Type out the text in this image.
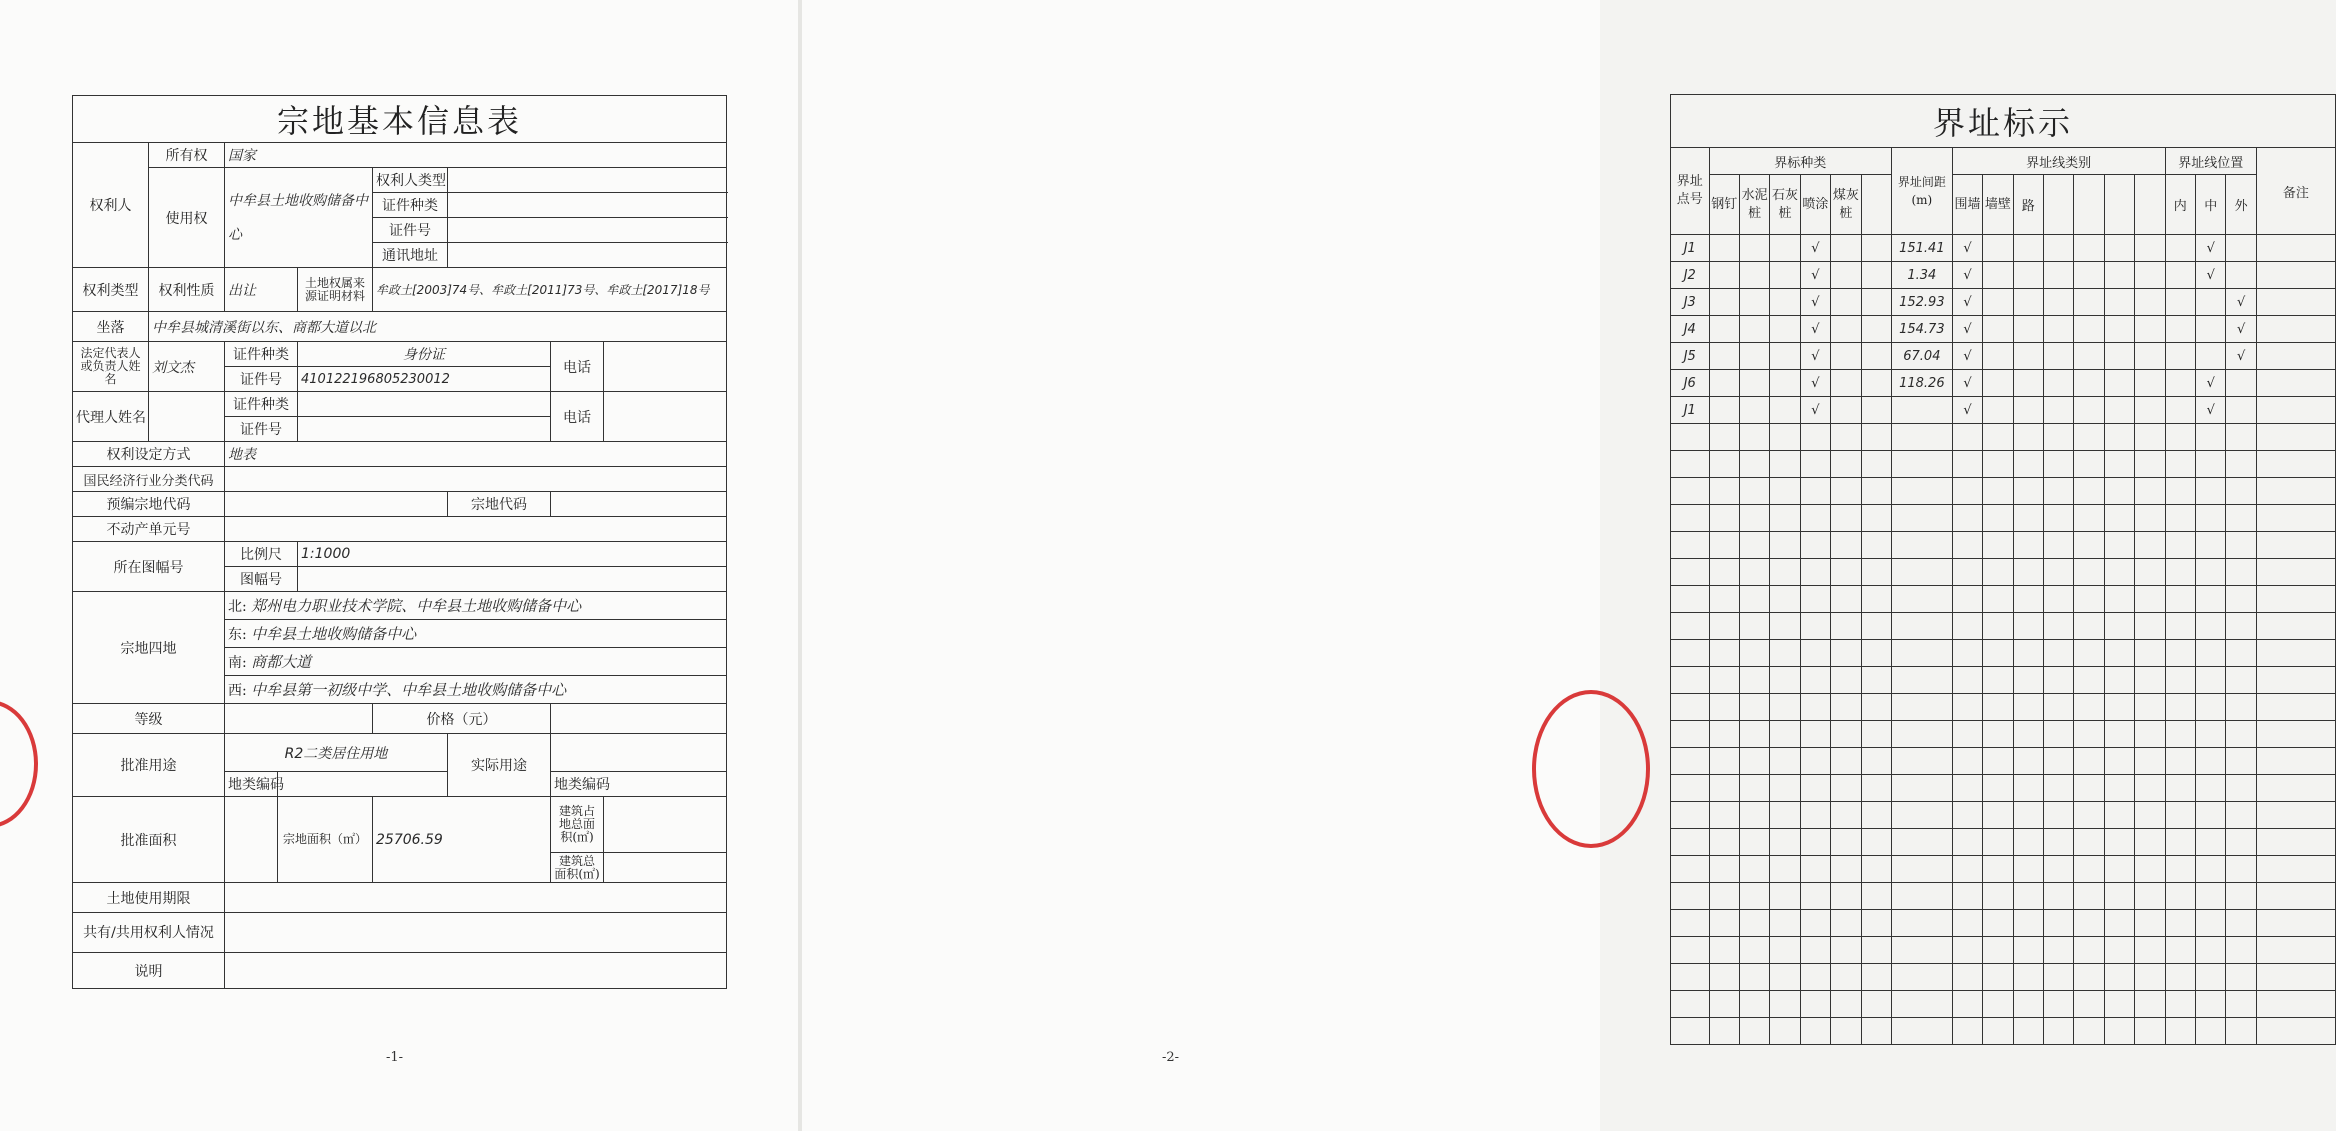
宗地基本信息表								
权利人	所有权	国家						
	使用权	中牟县土地收购储备中心			权利人类型			
					证件种类			
					证件号			
					通讯地址			
权利类型	权利性质	出让		土地权属来源证明材料	牟政土[2003]74号、牟政土[2011]73号、牟政土[2017]18号			
坐落	中牟县城清溪街以东、商都大道以北							
法定代表人或负责人姓名	刘文杰	证件种类		身份证			电话	
		证件号		410122196805230012				
代理人姓名		证件种类					电话	
		证件号						
权利设定方式		地表						
国民经济行业分类代码								
预编宗地代码						宗地代码		
不动产单元号								
所在图幅号		比例尺		1:1000				
		图幅号						
宗地四地		北: 郑州电力职业技术学院、中牟县土地收购储备中心						
		东: 中牟县土地收购储备中心						
		南: 商都大道						
		西: 中牟县第一初级中学、中牟县土地收购储备中心						
等级					价格（元）			
批准用途		R2二类居住用地				实际用途		
		地类编码					地类编码	
批准面积			宗地面积（㎡）		25706.59		建筑占地总面积(㎡)	
							建筑总面积(㎡)	
土地使用期限								
共有/共用权利人情况								
说明								
-1-
界址标示																		
界址点号	界标种类						界址间距(m)	界址线类别							界址线位置			备注
	钢钉	水泥桩	石灰桩	喷涂	煤灰桩			围墙	墙壁	路					内	中	外	
J1				√			151.41	√								√		
J2				√			1.34	√								√		
J3				√			152.93	√									√	
J4				√			154.73	√									√	
J5				√			67.04	√									√	
J6				√			118.26	√								√		
J1				√				√								√		

-2-
